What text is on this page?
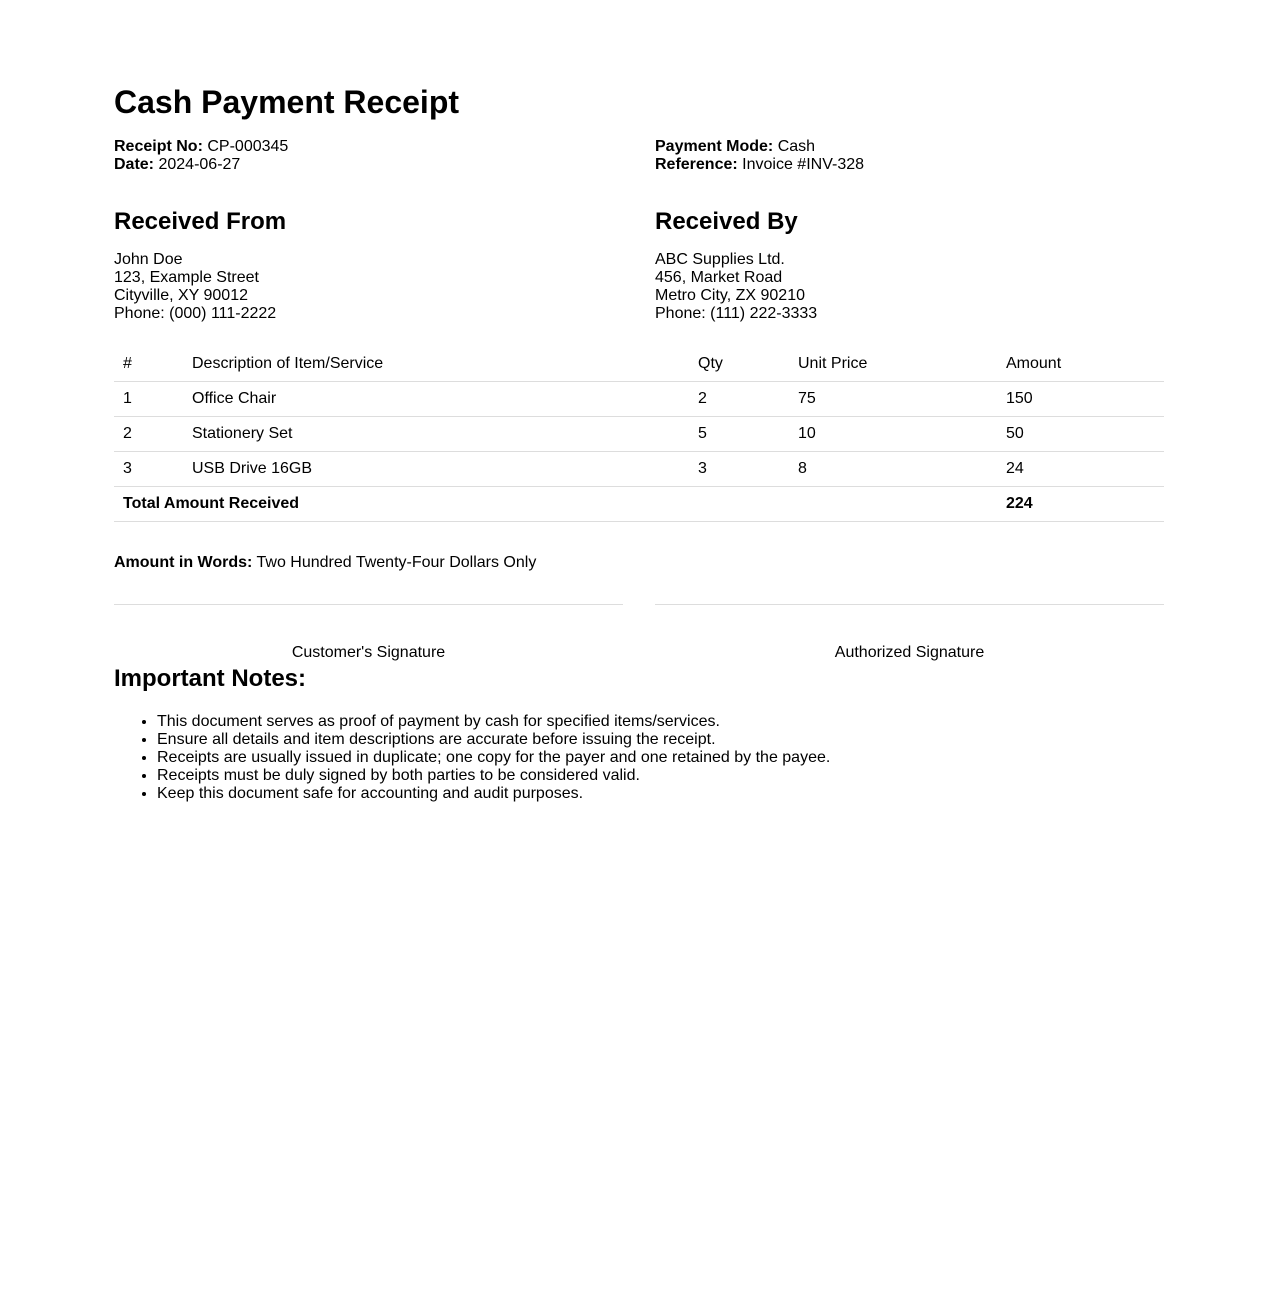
Cash Payment Receipt
Receipt No: CP-000345
Date: 2024-06-27
Payment Mode: Cash
Reference: Invoice #INV-328
Received From
John Doe
123, Example Street
Cityville, XY 90012
Phone: (000) 111-2222
Received By
ABC Supplies Ltd.
456, Market Road
Metro City, ZX 90210
Phone: (111) 222-3333
#	Description of Item/Service	Qty	Unit Price	Amount
1	Office Chair	2	75	150
2	Stationery Set	5	10	50
3	USB Drive 16GB	3	8	24
Total Amount Received				224
Amount in Words: Two Hundred Twenty-Four Dollars Only
Customer's Signature	Authorized Signature
Important Notes:
• This document serves as proof of payment by cash for specified items/services.
• Ensure all details and item descriptions are accurate before issuing the receipt.
• Receipts are usually issued in duplicate; one copy for the payer and one retained by the payee.
• Receipts must be duly signed by both parties to be considered valid.
• Keep this document safe for accounting and audit purposes.
